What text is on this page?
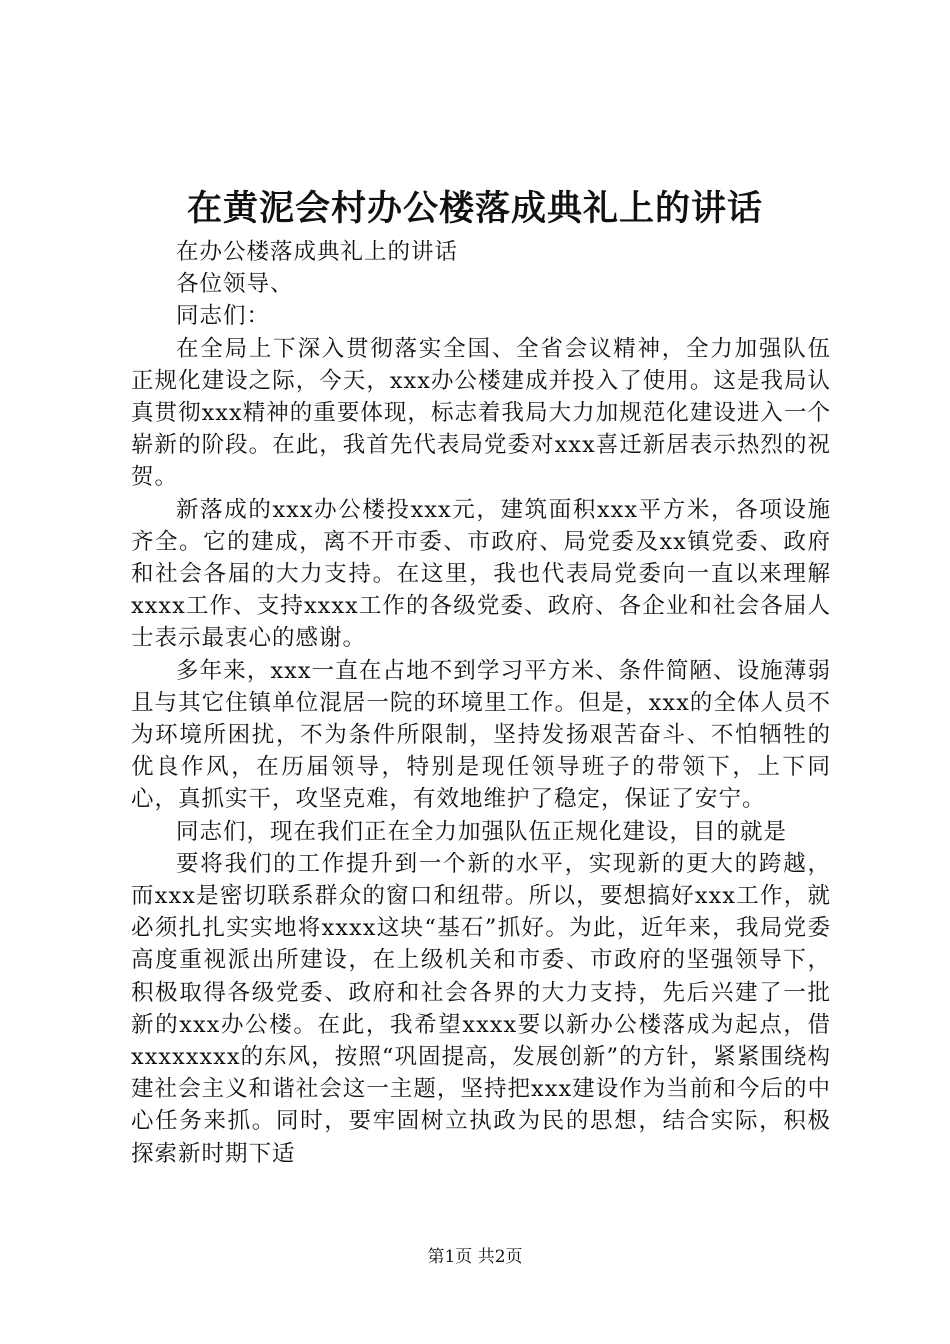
在黄泥会村办公楼落成典礼上的讲话

在办公楼落成典礼上的讲话

各位领导、

同志们：

在全局上下深入贯彻落实全国、全省会议精神，全力加强队伍正规化建设之际，今天，xxx办公楼建成并投入了使用。这是我局认真贯彻xxx精神的重要体现，标志着我局大力加规范化建设进入一个崭新的阶段。在此，我首先代表局党委对xxx喜迁新居表示热烈的祝贺。

新落成的xxx办公楼投xxx元，建筑面积xxx平方米，各项设施齐全。它的建成，离不开市委、市政府、局党委及xx镇党委、政府和社会各届的大力支持。在这里，我也代表局党委向一直以来理解xxxx工作、支持xxxx工作的各级党委、政府、各企业和社会各届人士表示最衷心的感谢。

多年来，xxx一直在占地不到学习平方米、条件简陋、设施薄弱且与其它住镇单位混居一院的环境里工作。但是，xxx的全体人员不为环境所困扰，不为条件所限制，坚持发扬艰苦奋斗、不怕牺牲的优良作风，在历届领导，特别是现任领导班子的带领下，上下同心，真抓实干，攻坚克难，有效地维护了稳定，保证了安宁。

同志们，现在我们正在全力加强队伍正规化建设，目的就是

要将我们的工作提升到一个新的水平，实现新的更大的跨越，而xxx是密切联系群众的窗口和纽带。所以，要想搞好xxx工作，就必须扎扎实实地将xxxx这块“基石”抓好。为此，近年来，我局党委高度重视派出所建设，在上级机关和市委、市政府的坚强领导下，积极取得各级党委、政府和社会各界的大力支持，先后兴建了一批新的xxx办公楼。在此，我希望xxxx要以新办公楼落成为起点，借xxxxxxxx的东风，按照“巩固提高，发展创新”的方针，紧紧围绕构建社会主义和谐社会这一主题，坚持把xxx建设作为当前和今后的中心任务来抓。同时，要牢固树立执政为民的思想，结合实际，积极探索新时期下适

第1页 共2页
